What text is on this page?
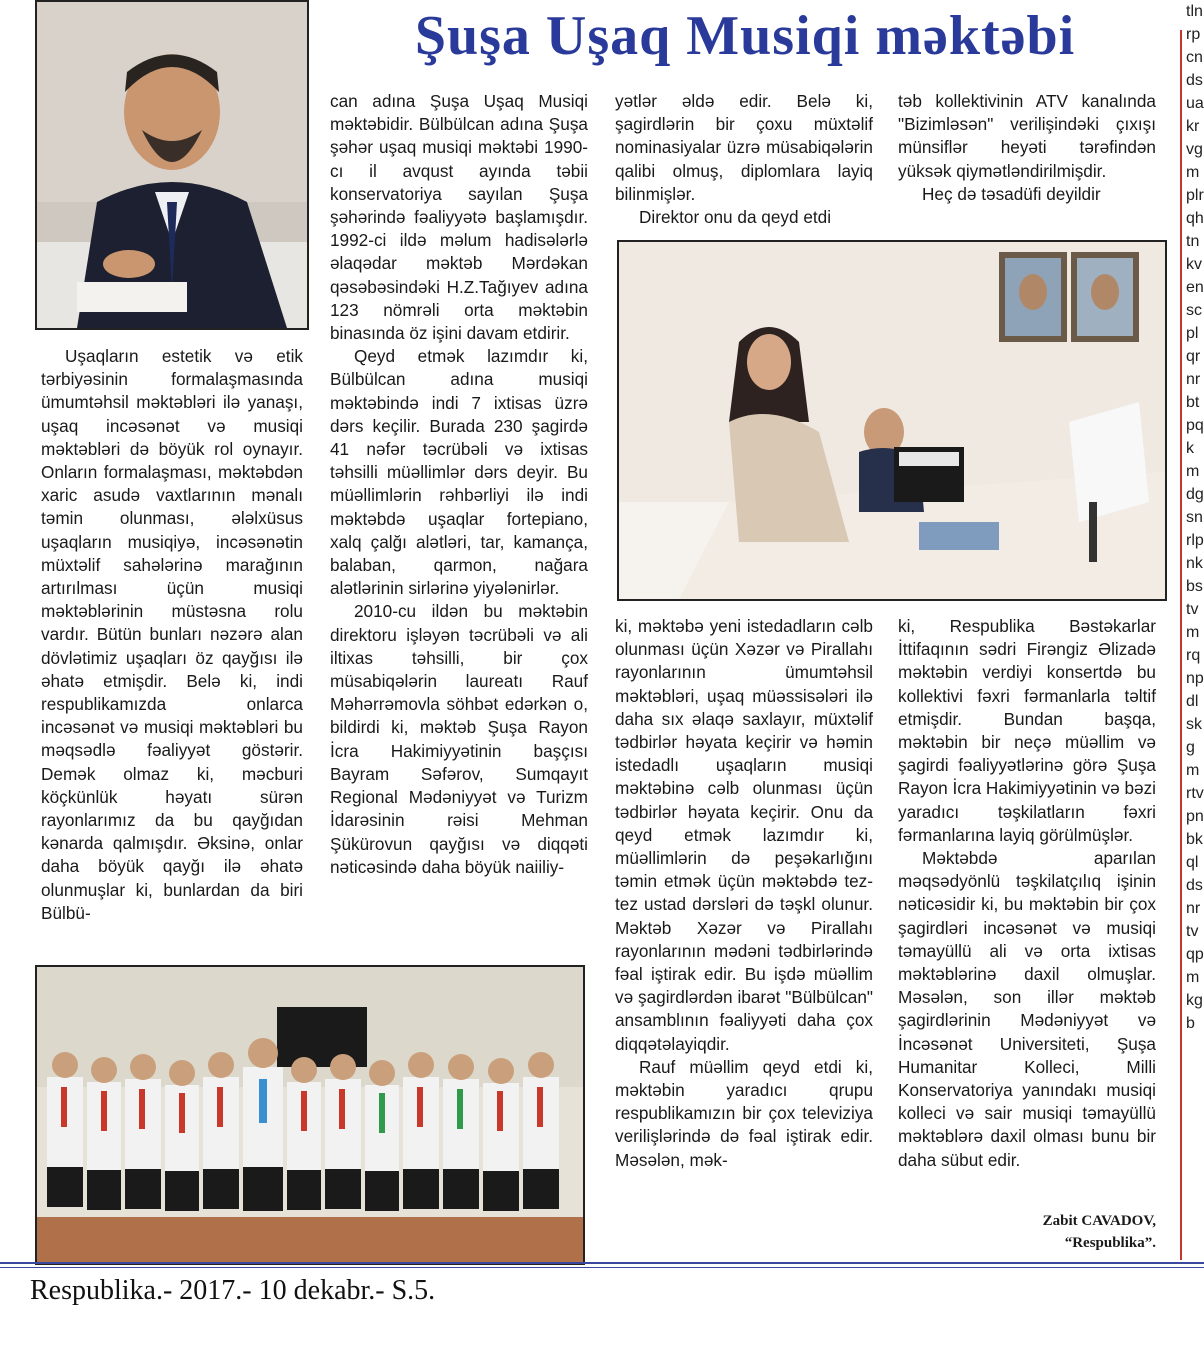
Şuşa Uşaq Musiqi məktəbi

Uşaqların estetik və etik tərbiyəsinin formalaşmasında ümumtəhsil məktəbləri ilə yanaşı, uşaq incəsənət və musiqi məktəbləri də böyük rol oynayır. Onların formalaşması, məktəbdən xaric asudə vaxtlarının mənalı təmin olunması, ələlxüsus uşaqların musiqiyə, incəsənətin müxtəlif sahələrinə marağının artırılması üçün musiqi məktəblərinin müstəsna rolu vardır. Bütün bunları nəzərə alan dövlətimiz uşaqları öz qayğısı ilə əhatə etmişdir. Belə ki, indi respublikamızda onlarca incəsənət və musiqi məktəbləri bu məqsədlə fəaliyyət göstərir. Demək olmaz ki, məcburi köçkünlük həyatı sürən rayonlarımız da bu qayğıdan kənarda qalmışdır. Əksinə, onlar daha böyük qayğı ilə əhatə olunmuşlar ki, bunlardan da biri Bülbü-

can adına Şuşa Uşaq Musiqi məktəbidir. Bülbülcan adına Şuşa şəhər uşaq musiqi məktəbi 1990-cı il avqust ayında təbii konservatoriya sayılan Şuşa şəhərində fəaliyyətə başlamışdır. 1992-ci ildə məlum hadisələrlə əlaqədar məktəb Mərdəkan qəsəbəsindəki H.Z.Tağıyev adına 123 nömrəli orta məktəbin binasında öz işini davam etdirir.

Qeyd etmək lazımdır ki, Bülbülcan adına musiqi məktəbində indi 7 ixtisas üzrə dərs keçilir. Burada 230 şagirdə 41 nəfər təcrübəli və ixtisas təhsilli müəllimlər dərs deyir. Bu müəllimlərin rəhbərliyi ilə indi məktəbdə uşaqlar fortepiano, xalq çalğı alətləri, tar, kamança, balaban, qarmon, nağara alətlərinin sirlərinə yiyələnirlər.

2010-cu ildən bu məktəbin direktoru işləyən təcrübəli və ali iltixas təhsilli, bir çox müsabiqələrin laureatı Rauf Məhərrəmovla söhbət edərkən o, bildirdi ki, məktəb Şuşa Rayon İcra Hakimiyyətinin başçısı Bayram Səfərov, Sumqayıt Regional Mədəniyyət və Turizm İdarəsinin rəisi Mehman Şükürovun qayğısı və diqqəti nəticəsində daha böyük naiiliy-

yətlər əldə edir. Belə ki, şagirdlərin bir çoxu müxtəlif nominasiyalar üzrə müsabiqələrin qalibi olmuş, diplomlara layiq bilinmişlər.

Direktor onu da qeyd etdi

təb kollektivinin ATV kanalında "Bizimləsən" verilişindəki çıxışı münsiflər heyəti tərəfindən yüksək qiymətləndirilmişdir.

Heç də təsadüfi deyildir

ki, məktəbə yeni istedadların cəlb olunması üçün Xəzər və Pirallahı rayonlarının ümumtəhsil məktəbləri, uşaq müəssisələri ilə daha sıx əlaqə saxlayır, müxtəlif tədbirlər həyata keçirir və həmin istedadlı uşaqların musiqi məktəbinə cəlb olunması üçün tədbirlər həyata keçirir. Onu da qeyd etmək lazımdır ki, müəllimlərin də peşəkarlığını təmin etmək üçün məktəbdə tez-tez ustad dərsləri də təşkl olunur. Məktəb Xəzər və Pirallahı rayonlarının mədəni tədbirlərində fəal iştirak edir. Bu işdə müəllim və şagirdlərdən ibarət "Bülbülcan" ansamblının fəaliyyəti daha çox diqqətəlayiqdir.

Rauf müəllim qeyd etdi ki, məktəbin yaradıcı qrupu respublikamızın bir çox televiziya verilişlərində də fəal iştirak edir. Məsələn, mək-

ki, Respublika Bəstəkarlar İttifaqının sədri Firəngiz Əlizadə məktəbin verdiyi konsertdə bu kollektivi fəxri fərmanlarla təltif etmişdir. Bundan başqa, məktəbin bir neçə müəllim və şagirdi fəaliyyətlərinə görə Şuşa Rayon İcra Hakimiyyətinin və bəzi yaradıcı təşkilatların fəxri fərmanlarına layiq görülmüşlər.

Məktəbdə aparılan məqsədyönlü təşkilatçılıq işinin nəticəsidir ki, bu məktəbin bir çox şagirdləri incəsənət və musiqi təmayüllü ali və orta ixtisas məktəblərinə daxil olmuşlar. Məsələn, son illər məktəb şagirdlərinin Mədəniyyət və İncəsənət Universiteti, Şuşa Humanitar Kolleci, Milli Konservatoriya yanındakı musiqi kolleci və sair musiqi təmayüllü məktəblərə daxil olması bunu bir daha sübut edir.

Zabit CAVADOV,
“Respublika”.
tlnrpcndsuakrvgmplrqhtnkvenscplqrnrbtpqkmdgsnrlpnkbstvmrqnpdlskgmrtvpnbkqldsnrtvqpmkgb
Respublika.- 2017.- 10 dekabr.- S.5.
